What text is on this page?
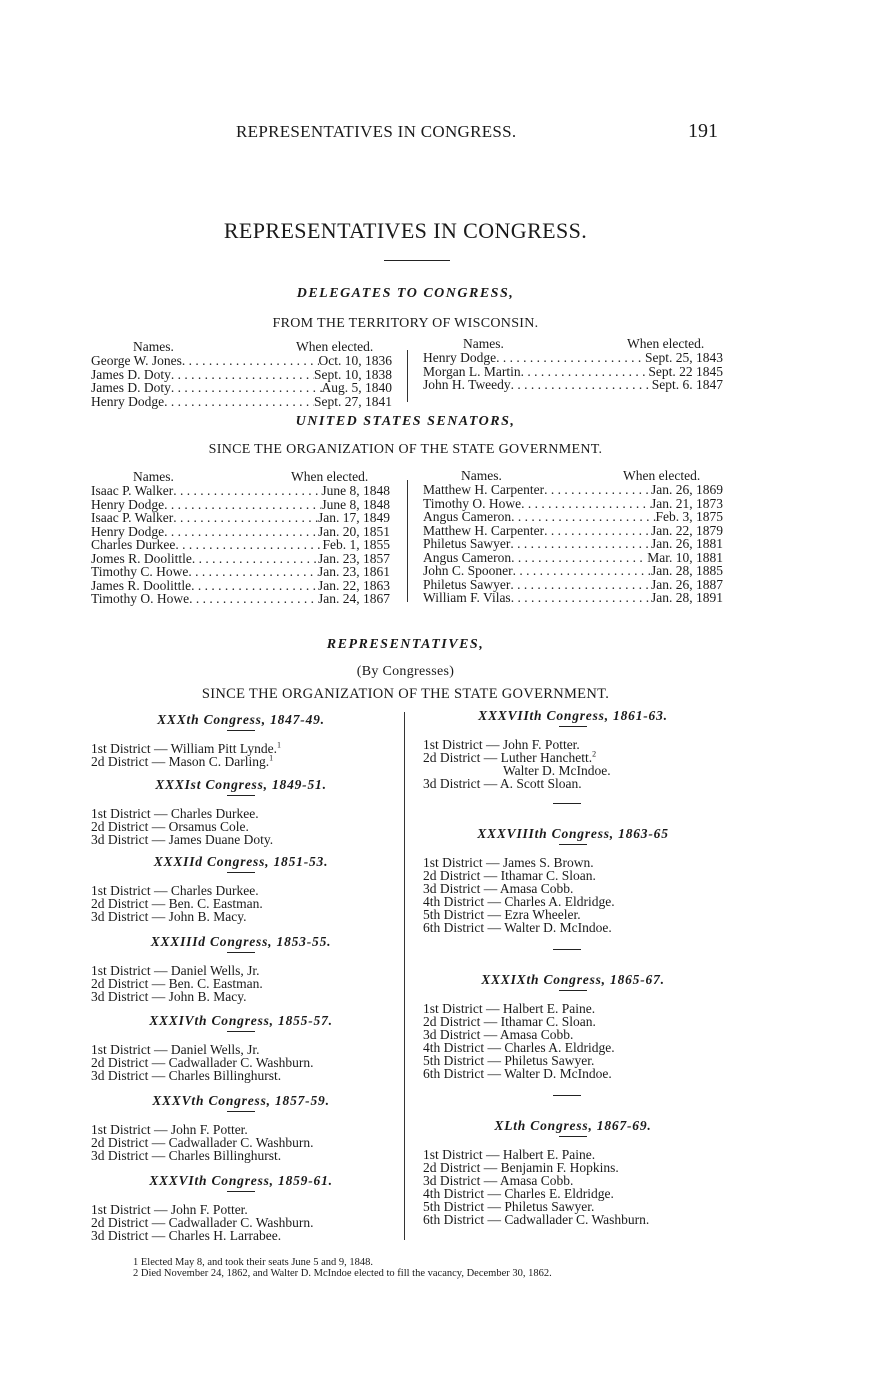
REPRESENTATIVES IN CONGRESS.	191
REPRESENTATIVES IN CONGRESS.
DELEGATES TO CONGRESS,
FROM THE TERRITORY OF WISCONSIN.
Names.	When elected.
George W. Jones . . .	Oct. 10, 1836
James D. Doty . . .	Sept. 10, 1838
James D. Doty . . .	Aug. 5, 1840
Henry Dodge . . .	Sept. 27, 1841
Names.	When elected.
Henry Dodge . . .	Sept. 25, 1843
Morgan L. Martin . . .	Sept. 22 1845
John H. Tweedy . . .	Sept. 6. 1847
UNITED STATES SENATORS,
SINCE THE ORGANIZATION OF THE STATE GOVERNMENT.
Names.	When elected.
Isaac P. Walker . . .	June 8, 1848
Henry Dodge . . .	June 8, 1848
Isaac P. Walker . . .	Jan. 17, 1849
Henry Dodge . . .	Jan. 20, 1851
Charles Durkee . . .	Feb. 1, 1855
Jomes R. Doolittle . . .	Jan. 23, 1857
Timothy C. Howe . . .	Jan. 23, 1861
James R. Doolittle . . .	Jan. 22, 1863
Timothy O. Howe . . .	Jan. 24, 1867
Names.	When elected.
Matthew H. Carpenter . . .	Jan. 26, 1869
Timothy O. Howe . . .	Jan. 21, 1873
Angus Cameron . . .	Feb. 3, 1875
Matthew H. Carpenter . . .	Jan. 22, 1879
Philetus Sawyer . . .	Jan. 26, 1881
Angus Cameron . . .	Mar. 10, 1881
John C. Spooner . . .	Jan. 28, 1885
Philetus Sawyer . . .	Jan. 26, 1887
William F. Vilas . . .	Jan. 28, 1891
REPRESENTATIVES,
(By Congresses)
SINCE THE ORGANIZATION OF THE STATE GOVERNMENT.
XXXth Congress, 1847-49.
1st District — William Pitt Lynde.$^1$
2d District — Mason C. Darling.$^1$
XXXIst Congress, 1849-51.
1st District — Charles Durkee.
2d District — Orsamus Cole.
3d District — James Duane Doty.
XXXIId Congress, 1851-53.
1st District — Charles Durkee.
2d District — Ben. C. Eastman.
3d District — John B. Macy.
XXXIIId Congress, 1853-55.
1st District — Daniel Wells, Jr.
2d District — Ben. C. Eastman.
3d District — John B. Macy.
XXXIVth Congress, 1855-57.
1st District — Daniel Wells, Jr.
2d District — Cadwallader C. Washburn.
3d District — Charles Billinghurst.
XXXVth Congress, 1857-59.
1st District — John F. Potter.
2d District — Cadwallader C. Washburn.
3d District — Charles Billinghurst.
XXXVIth Congress, 1859-61.
1st District — John F. Potter.
2d District — Cadwallader C. Washburn.
3d District — Charles H. Larrabee.
XXXVIIth Congress, 1861-63.
1st District — John F. Potter.
2d District — Luther Hanchett.$^2$
Walter D. McIndoe.
3d District — A. Scott Sloan.
XXXVIIIth Congress, 1863-65
1st District — James S. Brown.
2d District — Ithamar C. Sloan.
3d District — Amasa Cobb.
4th District — Charles A. Eldridge.
5th District — Ezra Wheeler.
6th District — Walter D. McIndoe.
XXXIXth Congress, 1865-67.
1st District — Halbert E. Paine.
2d District — Ithamar C. Sloan.
3d District — Amasa Cobb.
4th District — Charles A. Eldridge.
5th District — Philetus Sawyer.
6th District — Walter D. McIndoe.
XLth Congress, 1867-69.
1st District — Halbert E. Paine.
2d District — Benjamin F. Hopkins.
3d District — Amasa Cobb.
4th District — Charles E. Eldridge.
5th District — Philetus Sawyer.
6th District — Cadwallader C. Washburn.
1 Elected May 8, and took their seats June 5 and 9, 1848.
2 Died November 24, 1862, and Walter D. McIndoe elected to fill the vacancy, December 30, 1862.
